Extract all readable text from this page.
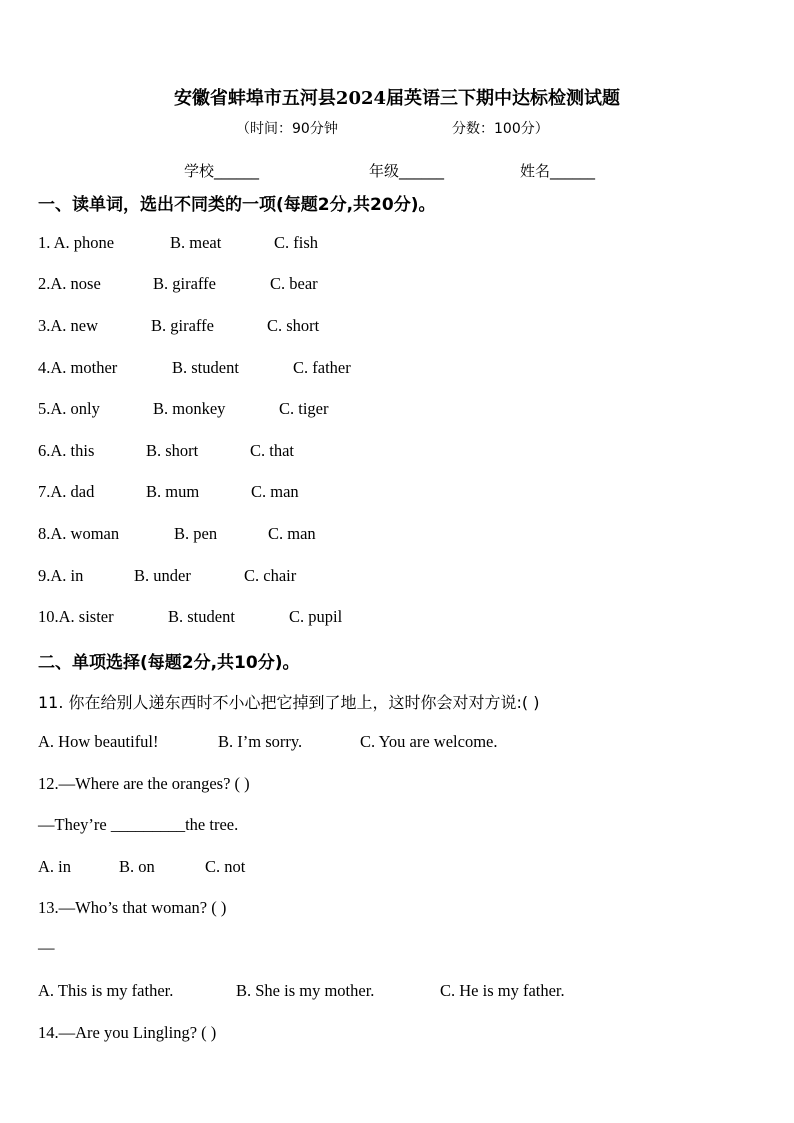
安徽省蚌埠市五河县2024届英语三下期中达标检测试题
（时间：90分钟	分数：100分）
学校______	年级______	姓名______
一、读单词，选出不同类的一项(每题2分,共20分)。
1. A. phone	B. meat	C. fish
2.A. nose	B. giraffe	C. bear
3.A. new	B. giraffe	C. short
4.A. mother	B. student	C. father
5.A. only	B. monkey	C. tiger
6.A. this	B. short	C. that
7.A. dad	B. mum	C. man
8.A. woman	B. pen	C. man
9.A. in	B. under	C. chair
10.A. sister	B. student	C. pupil
二、单项选择(每题2分,共10分)。
11. 你在给别人递东西时不小心把它掉到了地上，这时你会对对方说:( )
A. How beautiful!	B. I’m sorry.	C. You are welcome.
12.—Where are the oranges? ( )
—They’re _________the tree.
A. in	B. on	C. not
13.—Who’s that woman? ( )
—
A. This is my father.	B. She is my mother.	C. He is my father.
14.—Are you Lingling? ( )
